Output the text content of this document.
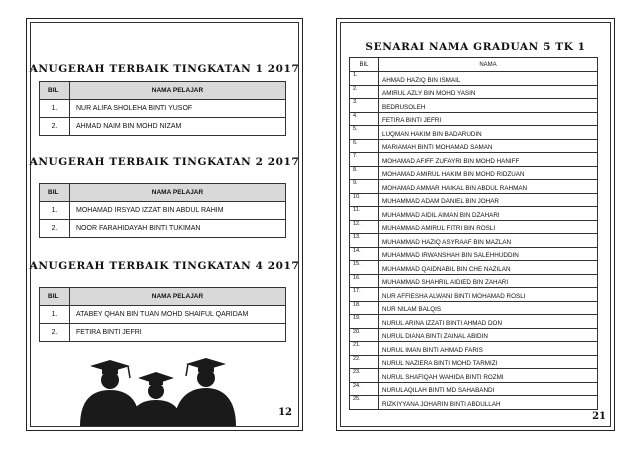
ANUGERAH TERBAIK TINGKATAN 1 2017
BIL	NAMA PELAJAR
1.	NUR ALIFA SHOLEHA BINTI YUSOF
2.	AHMAD NAIM BIN MOHD NIZAM
ANUGERAH TERBAIK TINGKATAN 2 2017
BIL	NAMA PELAJAR
1.	MOHAMAD IRSYAD IZZAT BIN ABDUL RAHIM
2.	NOOR FARAHIDAYAH BINTI TUKIMAN
ANUGERAH TERBAIK TINGKATAN 4 2017
BIL	NAMA PELAJAR
1.	ATABEY QHAN BIN TUAN MOHD SHAIFUL QARIDAM
2.	FETIRA BINTI JEFRI
12
SENARAI NAMA GRADUAN 5 TK 1
BIL	NAMA
1.	AHMAD HAZIQ BIN ISMAIL
2.	AMIRUL AZLY BIN MOHD YASIN
3.	BEDRUSOLEH
4.	FETIRA BINTI JEFRI
5.	LUQMAN HAKIM BIN BADARUDIN
6.	MARIAMAH BINTI MOHAMAD SAMAN
7.	MOHAMAD AFIFF ZUFAYRI BIN MOHD HANIFF
8.	MOHAMAD AMIRUL HAKIM BIN MOHD RIDZUAN
9.	MOHAMAD AMMAR HAIKAL BIN ABDUL RAHMAN
10.	MUHAMMAD ADAM DANIEL BIN JOHAR
11.	MUHAMMAD AIDIL AIMAN BIN DZAHARI
12.	MUHAMMAD AMIRUL FITRI BIN ROSLI
13.	MUHAMMAD HAZIQ ASYRAAF BIN MAZLAN
14.	MUHAMMAD IRWANSHAH BIN SALEHHUDDIN
15.	MUHAMMAD QAIDNABIL BIN CHE NAZILAN
16.	MUHAMMAD SHAHRIL AIDIED BIN ZAHARI
17.	NUR AFFIESHA ALWANI BINTI MOHAMAD ROSLI
18.	NUR NILAM BALQIS
19.	NURUL ARINA IZZATI BINTI AHMAD DON
20.	NURUL DIANA BINTI ZAINAL ABIDIN
21.	NURUL IMAN BINTI AHMAD FARIS
22.	NURUL NAZIERA BINTI MOHD TARMIZI
23.	NURUL SHAFIQAH WAHIDA BINTI ROZMI
24.	NURULAQILAH BINTI MD SAHABANDI
25.	RIZKIYYANA JOHARIN BINTI ABDULLAH
21
